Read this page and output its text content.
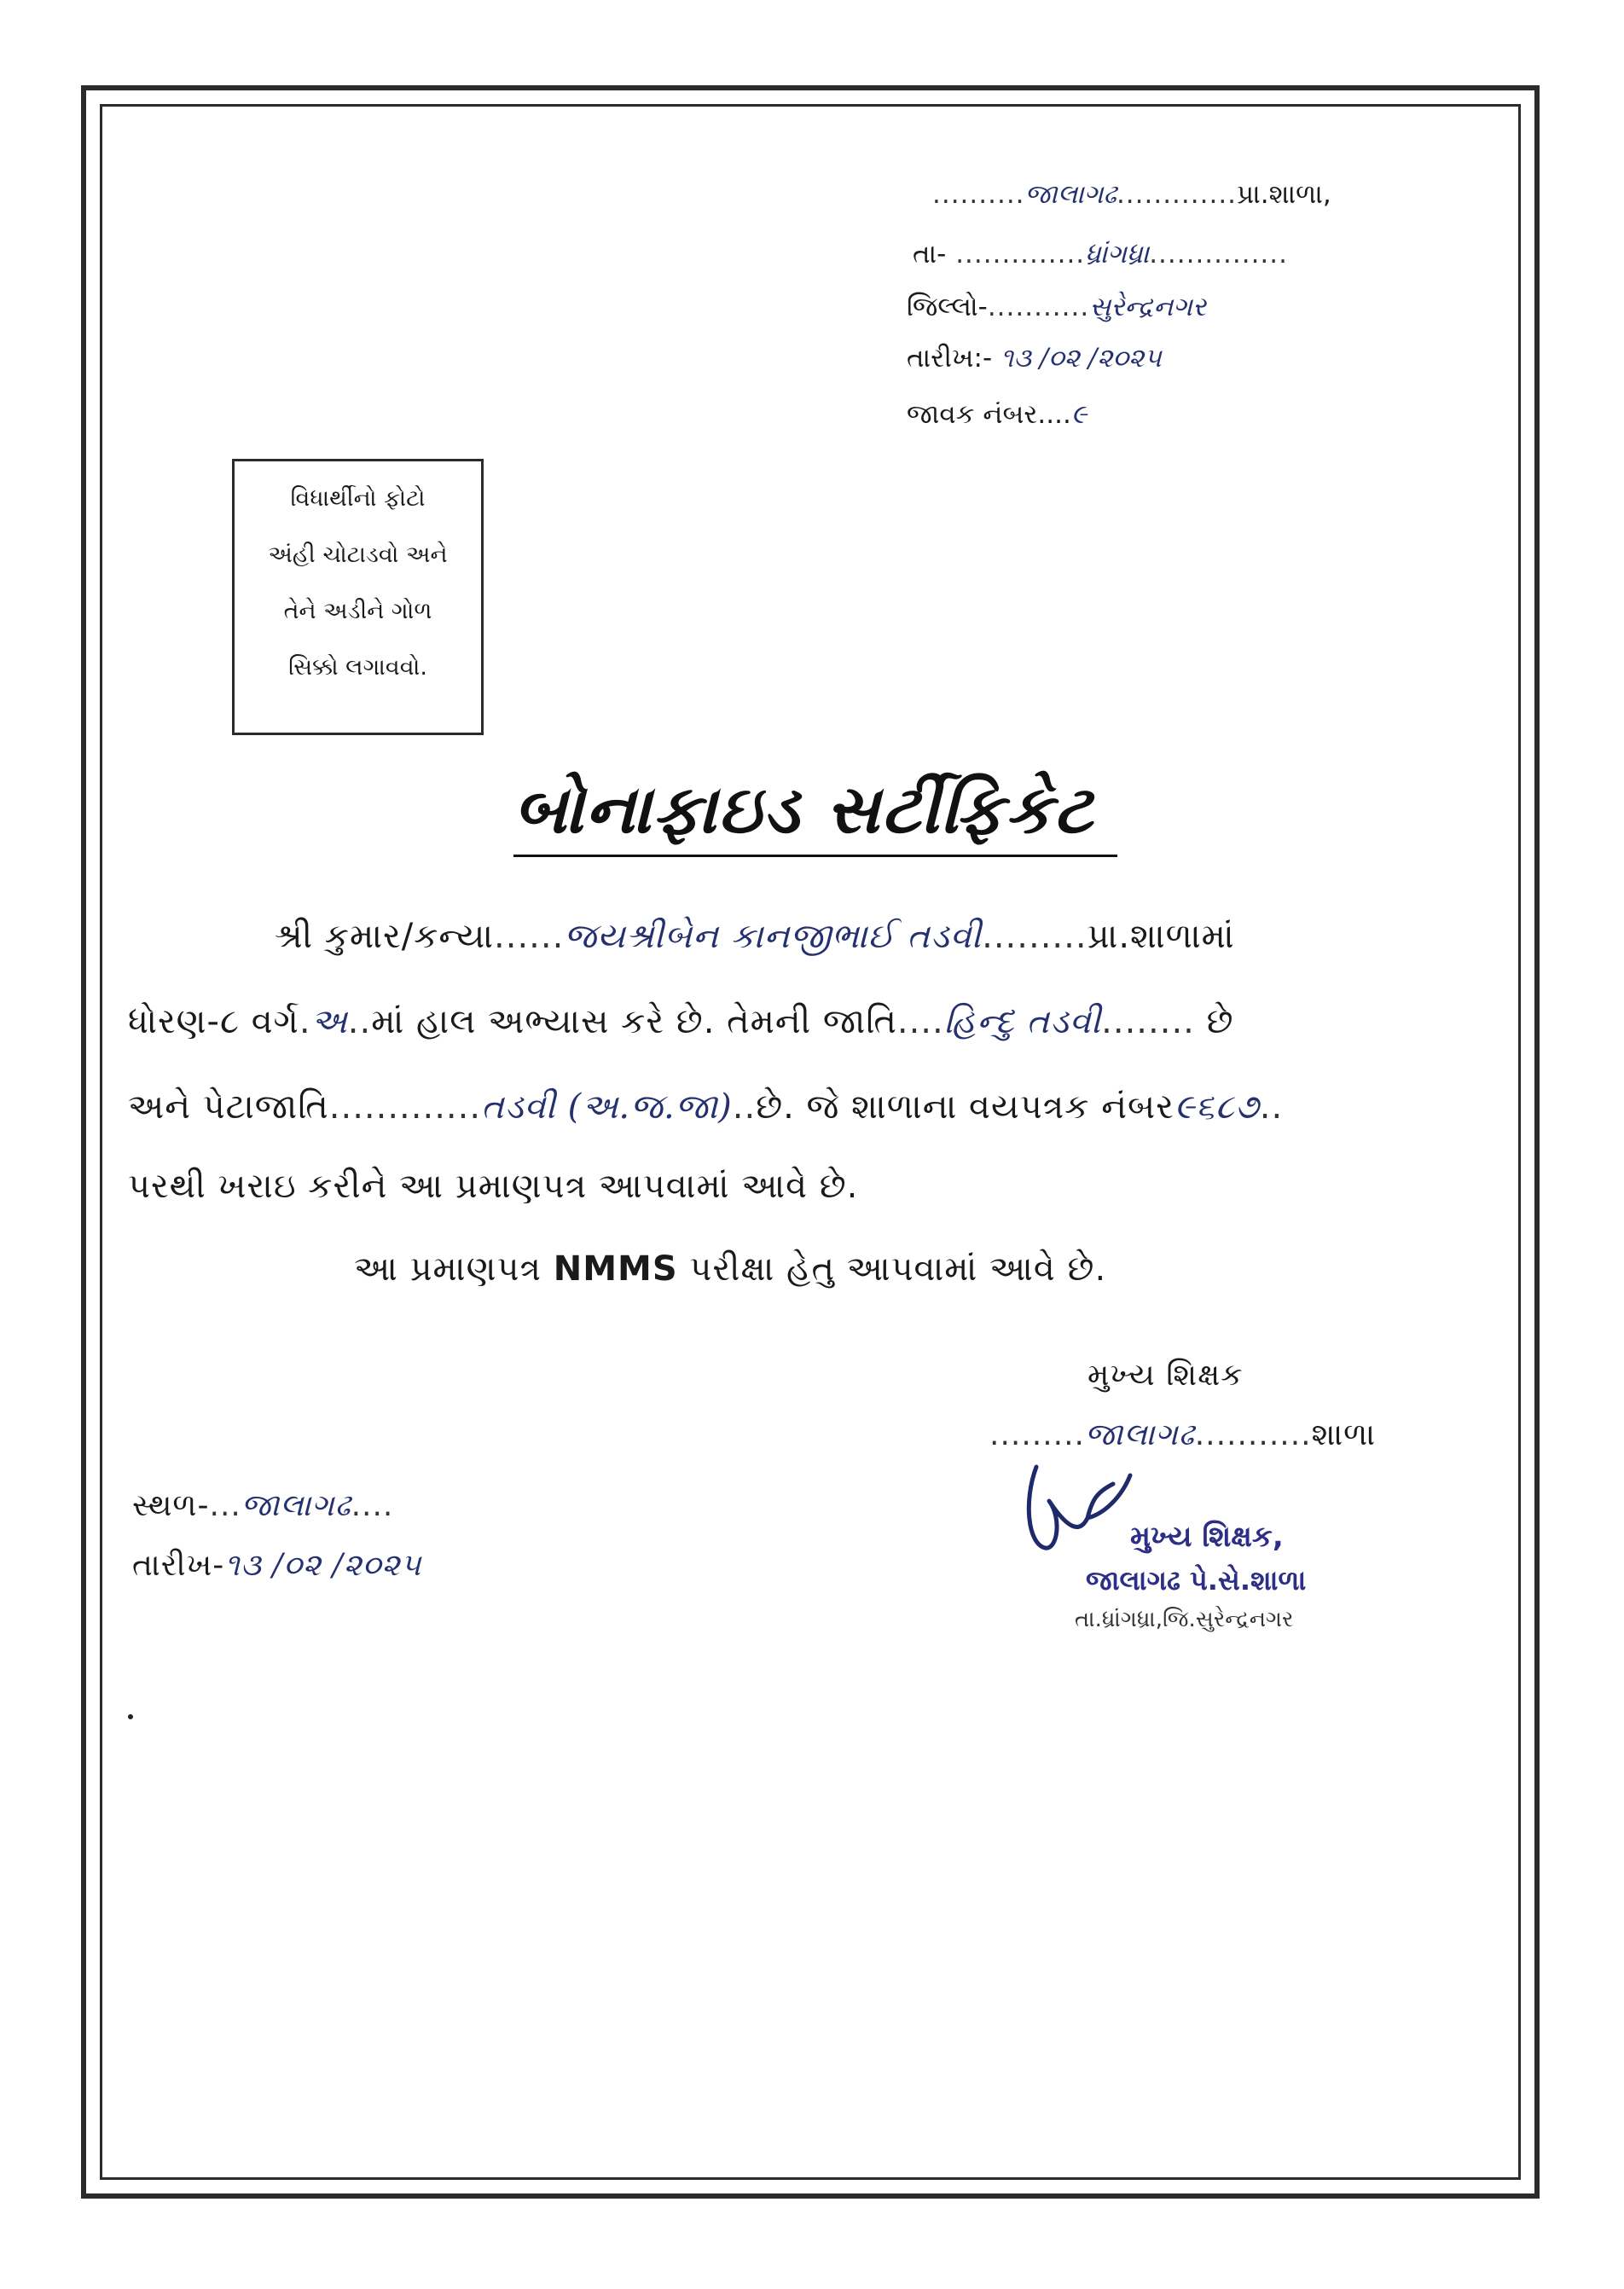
..........જાલાગઢ.............પ્રા.શાળા,
તા- ..............ધ્રાંગધ્રા...............
જિલ્લો-...........સુરેન્દ્રનગર
તારીખ:- ૧૩ /૦૨ /૨૦૨૫
જાવક નંબર....૯
વિધાર્થીનો ફોટો
અંહી ચોટાડવો અને
તેને અડીને ગોળ
સિક્કો લગાવવો.
બોનાફાઇડ સર્ટીફિકેટ
શ્રી કુમાર/કન્યા......જયશ્રીબેન કાનજીભાઈ તડવી.........પ્રા.શાળામાં
ધોરણ-૮ વર્ગ.અ..માં હાલ અભ્યાસ કરે છે. તેમની જાતિ....હિન્દુ તડવી........ છે
અને પેટાજાતિ.............તડવી (અ.જ.જા)..છે. જે શાળાના વયપત્રક નંબર૯૬૮૭..
પરથી ખરાઇ કરીને આ પ્રમાણપત્ર આપવામાં આવે છે.
આ પ્રમાણપત્ર NMMS પરીક્ષા હેતુ આપવામાં આવે છે.
મુખ્ય શિક્ષક
.........જાલાગઢ...........શાળા
સ્થળ-...જાલાગઢ....
તારીખ-૧૩ /૦૨ /૨૦૨૫
મુખ્ય શિક્ષક,
જાલાગઢ પે.સે.શાળા
તા.ધ્રાંગધ્રા,જિ.સુરેન્દ્રનગર
